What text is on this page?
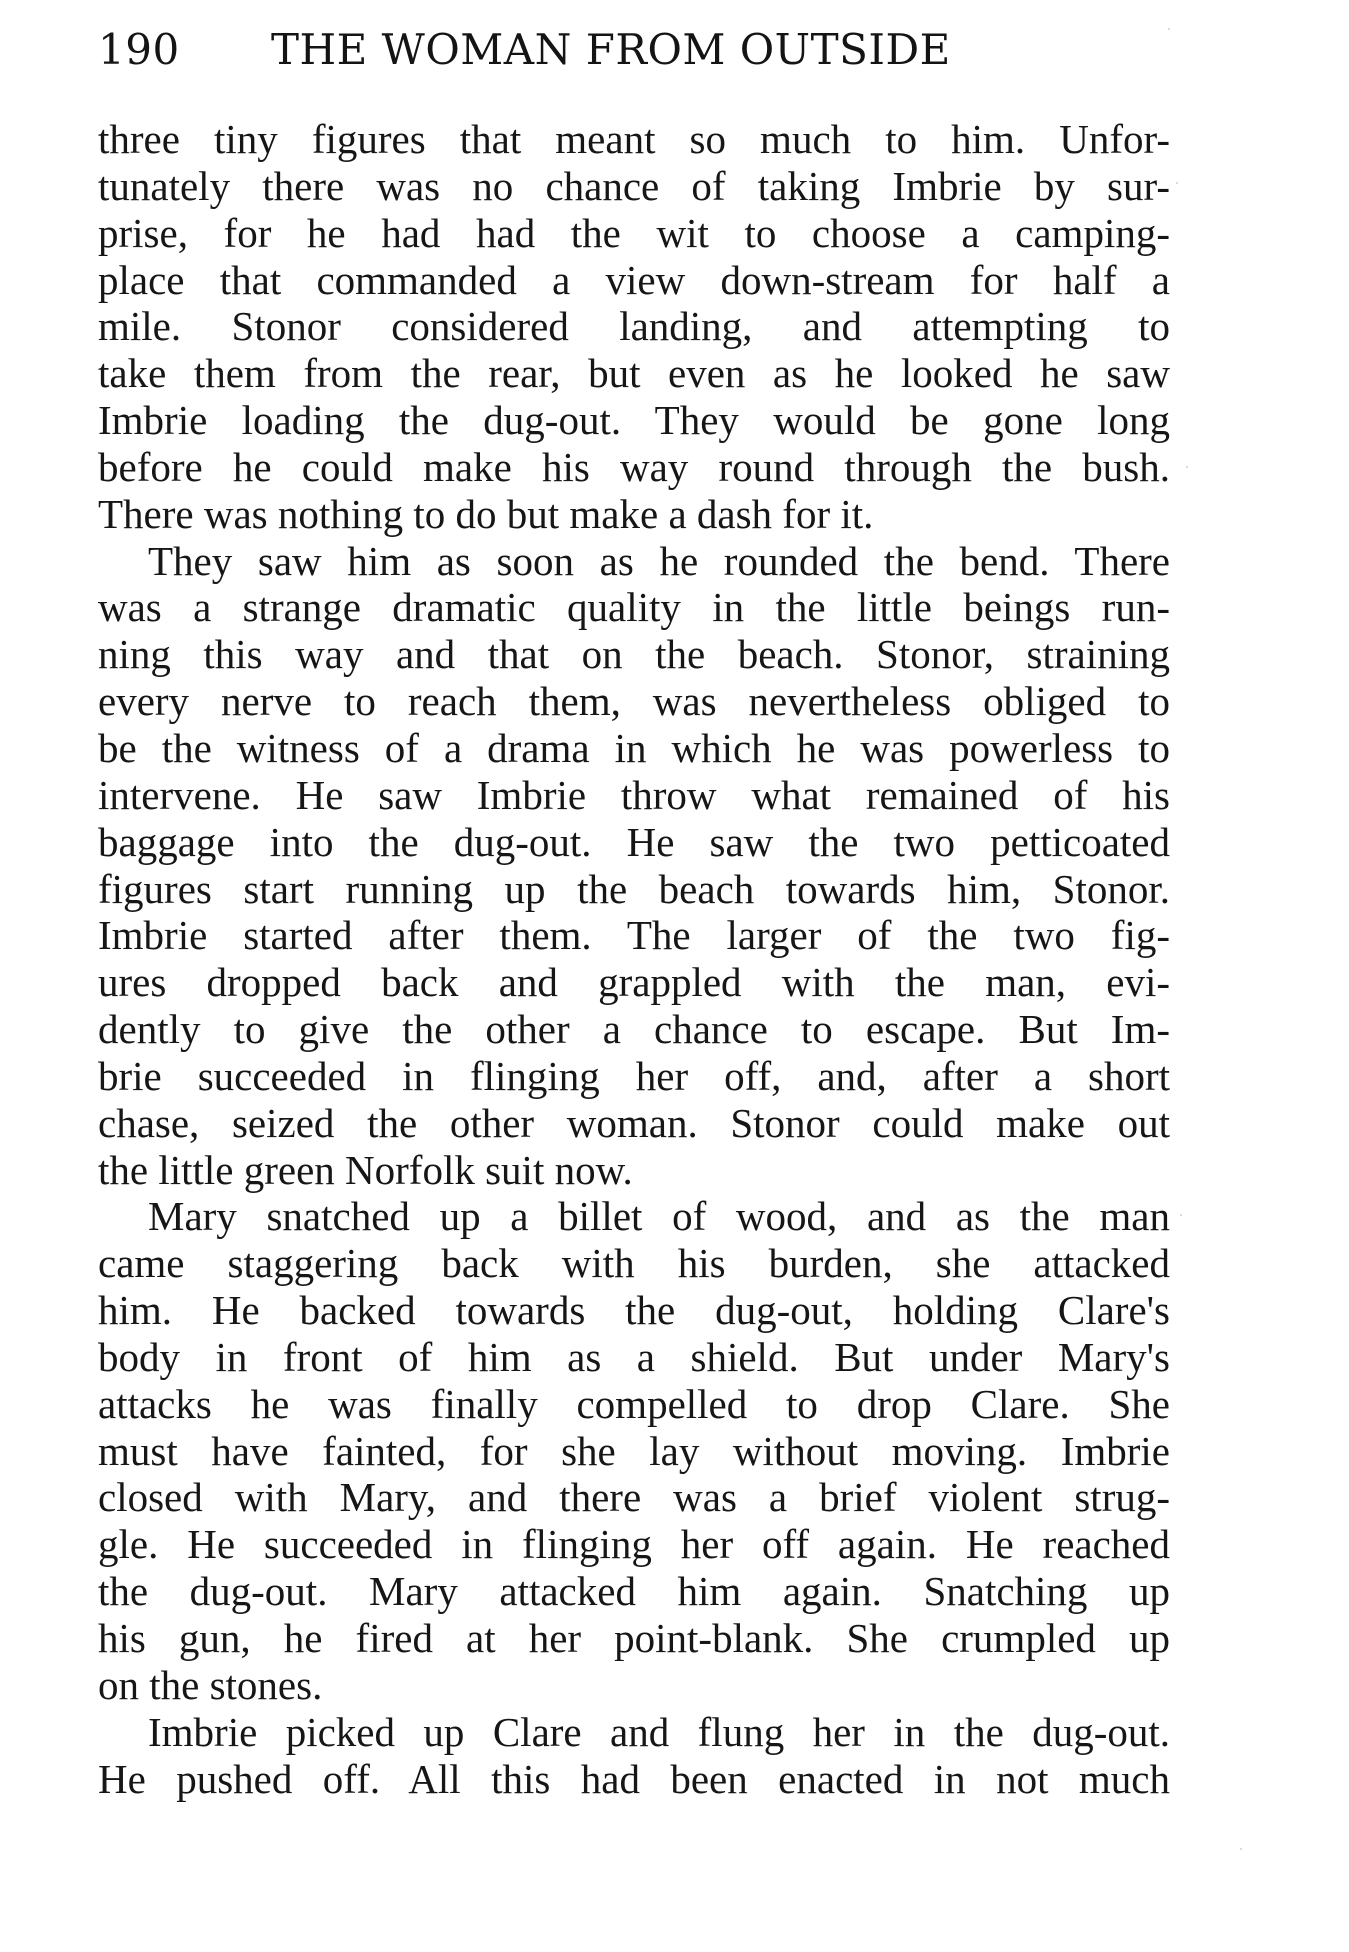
190 THE WOMAN FROM OUTSIDE
three tiny figures that meant so much to him. Unfor-
tunately there was no chance of taking Imbrie by sur-
prise, for he had had the wit to choose a camping-
place that commanded a view down-stream for half a
mile. Stonor considered landing, and attempting to
take them from the rear, but even as he looked he saw
Imbrie loading the dug-out. They would be gone long
before he could make his way round through the bush.
There was nothing to do but make a dash for it.
They saw him as soon as he rounded the bend. There
was a strange dramatic quality in the little beings run-
ning this way and that on the beach. Stonor, straining
every nerve to reach them, was nevertheless obliged to
be the witness of a drama in which he was powerless to
intervene. He saw Imbrie throw what remained of his
baggage into the dug-out. He saw the two petticoated
figures start running up the beach towards him, Stonor.
Imbrie started after them. The larger of the two fig-
ures dropped back and grappled with the man, evi-
dently to give the other a chance to escape. But Im-
brie succeeded in flinging her off, and, after a short
chase, seized the other woman. Stonor could make out
the little green Norfolk suit now.
Mary snatched up a billet of wood, and as the man
came staggering back with his burden, she attacked
him. He backed towards the dug-out, holding Clare's
body in front of him as a shield. But under Mary's
attacks he was finally compelled to drop Clare. She
must have fainted, for she lay without moving. Imbrie
closed with Mary, and there was a brief violent strug-
gle. He succeeded in flinging her off again. He reached
the dug-out. Mary attacked him again. Snatching up
his gun, he fired at her point-blank. She crumpled up
on the stones.
Imbrie picked up Clare and flung her in the dug-out.
He pushed off. All this had been enacted in not much
